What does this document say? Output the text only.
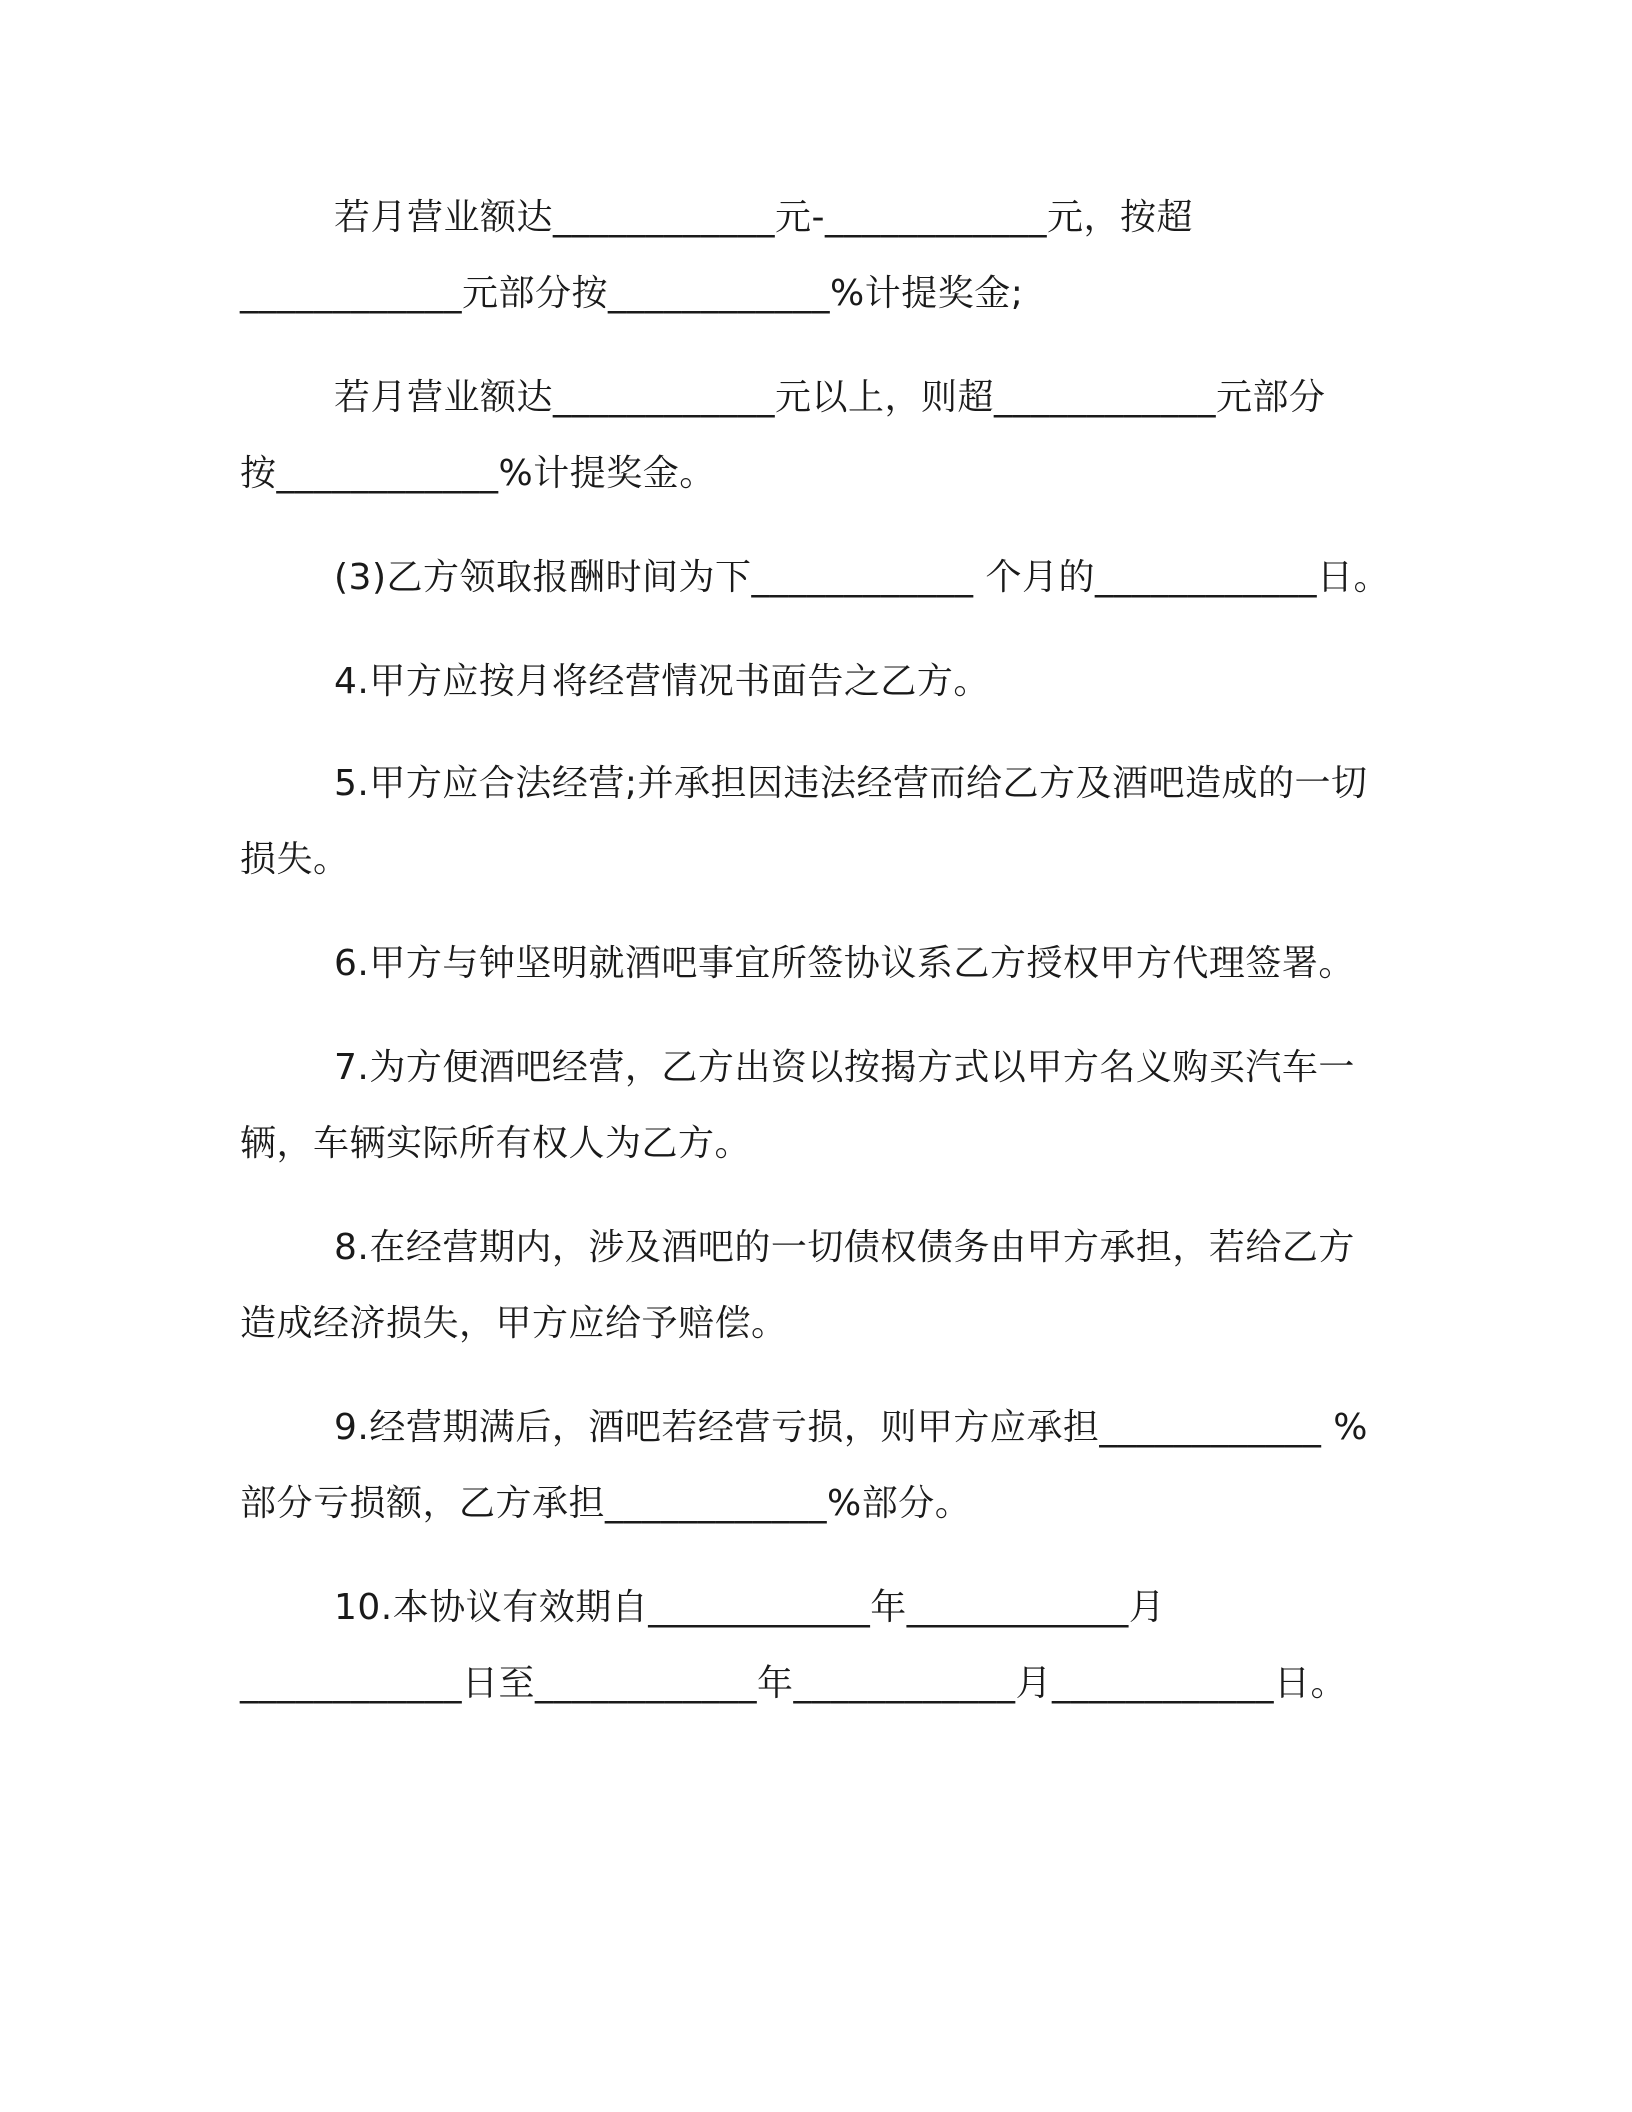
若月营业额达____________元-____________元，按超
____________元部分按____________%计提奖金;
若月营业额达____________元以上，则超____________元部分
按____________%计提奖金。
(3)乙方领取报酬时间为下____________ 个月的____________日。
4.甲方应按月将经营情况书面告之乙方。
5.甲方应合法经营;并承担因违法经营而给乙方及酒吧造成的一切
损失。
6.甲方与钟坚明就酒吧事宜所签协议系乙方授权甲方代理签署。
7.为方便酒吧经营，乙方出资以按揭方式以甲方名义购买汽车一
辆，车辆实际所有权人为乙方。
8.在经营期内，涉及酒吧的一切债权债务由甲方承担，若给乙方
造成经济损失，甲方应给予赔偿。
9.经营期满后，酒吧若经营亏损，则甲方应承担____________ %
部分亏损额，乙方承担____________%部分。
10.本协议有效期自____________年____________月
____________日至____________年____________月____________日。
